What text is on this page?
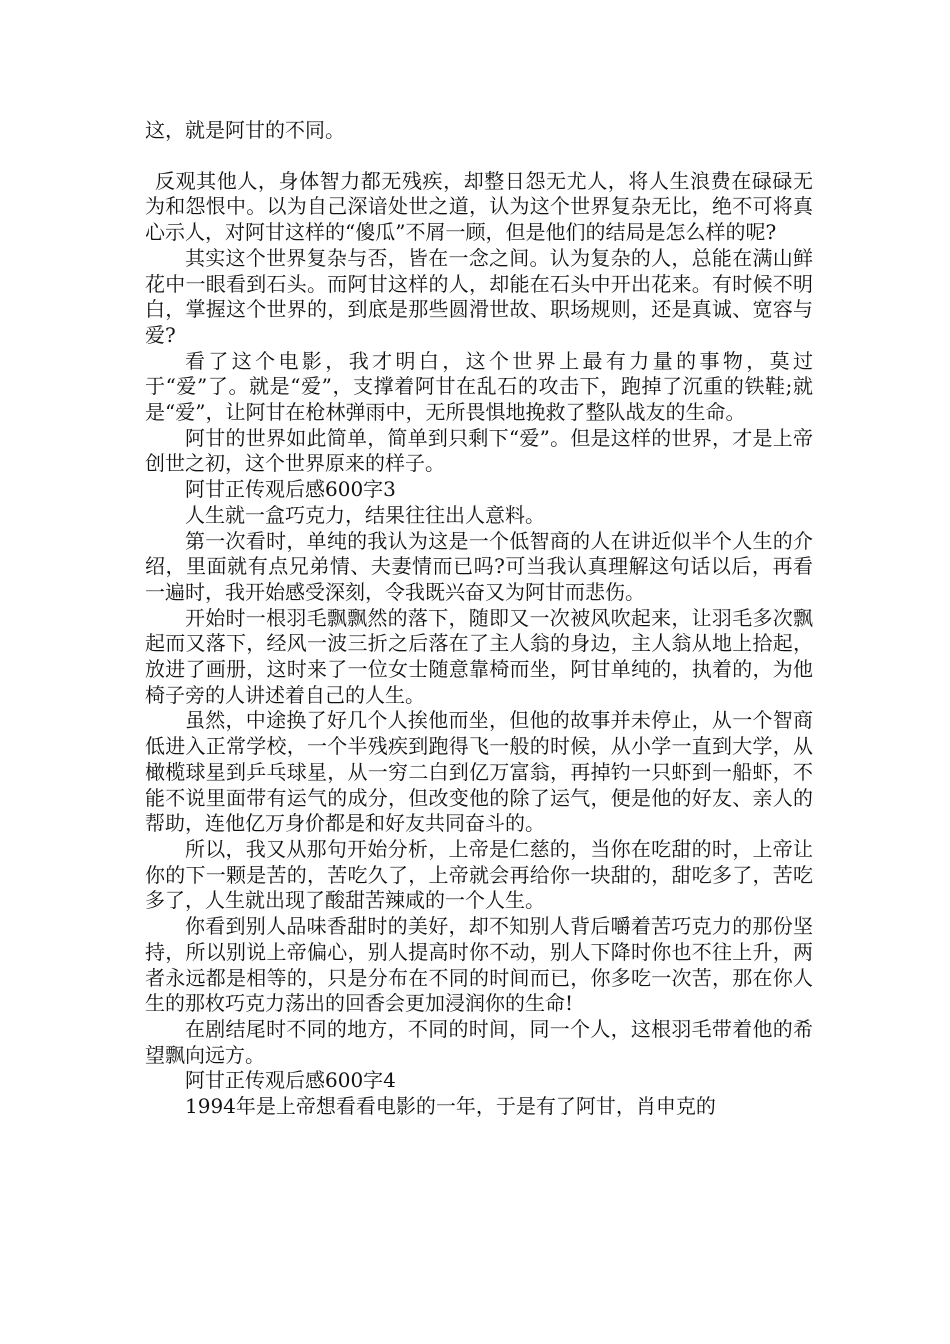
这，就是阿甘的不同。

反观其他人，身体智力都无残疾，却整日怨无尤人，将人生浪费在碌碌无为和怨恨中。以为自己深谙处世之道，认为这个世界复杂无比，绝不可将真心示人，对阿甘这样的“傻瓜”不屑一顾，但是他们的结局是怎么样的呢?

其实这个世界复杂与否，皆在一念之间。认为复杂的人，总能在满山鲜花中一眼看到石头。而阿甘这样的人，却能在石头中开出花来。有时候不明白，掌握这个世界的，到底是那些圆滑世故、职场规则，还是真诚、宽容与爱?

看了这个电影，我才明白，这个世界上最有力量的事物，莫过于“爱”了。就是“爱”，支撑着阿甘在乱石的攻击下，跑掉了沉重的铁鞋;就是“爱”，让阿甘在枪林弹雨中，无所畏惧地挽救了整队战友的生命。

阿甘的世界如此简单，简单到只剩下“爱”。但是这样的世界，才是上帝创世之初，这个世界原来的样子。

阿甘正传观后感600字3

人生就一盒巧克力，结果往往出人意料。

第一次看时，单纯的我认为这是一个低智商的人在讲近似半个人生的介绍，里面就有点兄弟情、夫妻情而已吗?可当我认真理解这句话以后，再看一遍时，我开始感受深刻，令我既兴奋又为阿甘而悲伤。

开始时一根羽毛飘飘然的落下，随即又一次被风吹起来，让羽毛多次飘起而又落下，经风一波三折之后落在了主人翁的身边，主人翁从地上拾起，放进了画册，这时来了一位女士随意靠椅而坐，阿甘单纯的，执着的，为他椅子旁的人讲述着自己的人生。

虽然，中途换了好几个人挨他而坐，但他的故事并未停止，从一个智商低进入正常学校，一个半残疾到跑得飞一般的时候，从小学一直到大学，从橄榄球星到乒乓球星，从一穷二白到亿万富翁，再掉钓一只虾到一船虾，不能不说里面带有运气的成分，但改变他的除了运气，便是他的好友、亲人的帮助，连他亿万身价都是和好友共同奋斗的。

所以，我又从那句开始分析，上帝是仁慈的，当你在吃甜的时，上帝让你的下一颗是苦的，苦吃久了，上帝就会再给你一块甜的，甜吃多了，苦吃多了，人生就出现了酸甜苦辣咸的一个人生。

你看到别人品味香甜时的美好，却不知别人背后嚼着苦巧克力的那份坚持，所以别说上帝偏心，别人提高时你不动，别人下降时你也不往上升，两者永远都是相等的，只是分布在不同的时间而已，你多吃一次苦，那在你人生的那枚巧克力荡出的回香会更加浸润你的生命!

在剧结尾时不同的地方，不同的时间，同一个人，这根羽毛带着他的希望飘向远方。

阿甘正传观后感600字4

1994年是上帝想看看电影的一年，于是有了阿甘，肖申克的
